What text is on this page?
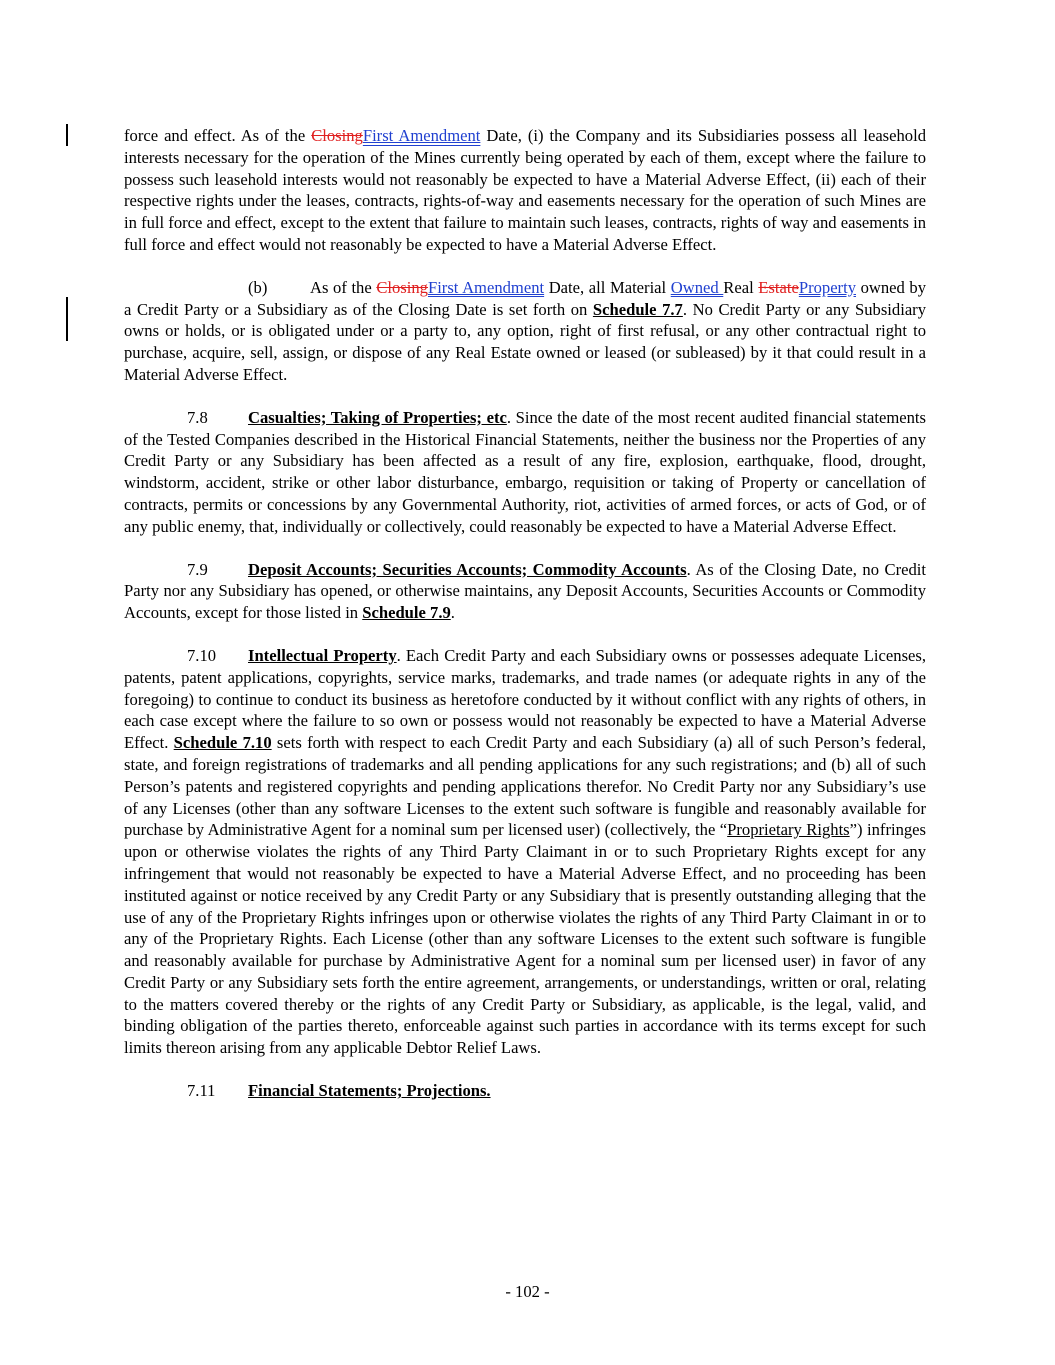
force and effect. As of the ClosingFirst Amendment Date, (i) the Company and its Subsidiaries possess all leasehold interests necessary for the operation of the Mines currently being operated by each of them, except where the failure to possess such leasehold interests would not reasonably be expected to have a Material Adverse Effect, (ii) each of their respective rights under the leases, contracts, rights-of-way and easements necessary for the operation of such Mines are in full force and effect, except to the extent that failure to maintain such leases, contracts, rights of way and easements in full force and effect would not reasonably be expected to have a Material Adverse Effect.

(b)	As of the ClosingFirst Amendment Date, all Material Owned Real EstateProperty owned by a Credit Party or a Subsidiary as of the Closing Date is set forth on Schedule 7.7. No Credit Party or any Subsidiary owns or holds, or is obligated under or a party to, any option, right of first refusal, or any other contractual right to purchase, acquire, sell, assign, or dispose of any Real Estate owned or leased (or subleased) by it that could result in a Material Adverse Effect.

7.8 Casualties; Taking of Properties; etc. Since the date of the most recent audited financial statements of the Tested Companies described in the Historical Financial Statements, neither the business nor the Properties of any Credit Party or any Subsidiary has been affected as a result of any fire, explosion, earthquake, flood, drought, windstorm, accident, strike or other labor disturbance, embargo, requisition or taking of Property or cancellation of contracts, permits or concessions by any Governmental Authority, riot, activities of armed forces, or acts of God, or of any public enemy, that, individually or collectively, could reasonably be expected to have a Material Adverse Effect.

7.9 Deposit Accounts; Securities Accounts; Commodity Accounts. As of the Closing Date, no Credit Party nor any Subsidiary has opened, or otherwise maintains, any Deposit Accounts, Securities Accounts or Commodity Accounts, except for those listed in Schedule 7.9.

7.10 Intellectual Property. Each Credit Party and each Subsidiary owns or possesses adequate Licenses, patents, patent applications, copyrights, service marks, trademarks, and trade names (or adequate rights in any of the foregoing) to continue to conduct its business as heretofore conducted by it without conflict with any rights of others, in each case except where the failure to so own or possess would not reasonably be expected to have a Material Adverse Effect. Schedule 7.10 sets forth with respect to each Credit Party and each Subsidiary (a) all of such Person’s federal, state, and foreign registrations of trademarks and all pending applications for any such registrations; and (b) all of such Person’s patents and registered copyrights and pending applications therefor. No Credit Party nor any Subsidiary’s use of any Licenses (other than any software Licenses to the extent such software is fungible and reasonably available for purchase by Administrative Agent for a nominal sum per licensed user) (collectively, the “Proprietary Rights”) infringes upon or otherwise violates the rights of any Third Party Claimant in or to such Proprietary Rights except for any infringement that would not reasonably be expected to have a Material Adverse Effect, and no proceeding has been instituted against or notice received by any Credit Party or any Subsidiary that is presently outstanding alleging that the use of any of the Proprietary Rights infringes upon or otherwise violates the rights of any Third Party Claimant in or to any of the Proprietary Rights. Each License (other than any software Licenses to the extent such software is fungible and reasonably available for purchase by Administrative Agent for a nominal sum per licensed user) in favor of any Credit Party or any Subsidiary sets forth the entire agreement, arrangements, or understandings, written or oral, relating to the matters covered thereby or the rights of any Credit Party or Subsidiary, as applicable, is the legal, valid, and binding obligation of the parties thereto, enforceable against such parties in accordance with its terms except for such limits thereon arising from any applicable Debtor Relief Laws.

7.11 Financial Statements; Projections.

- 102 -
